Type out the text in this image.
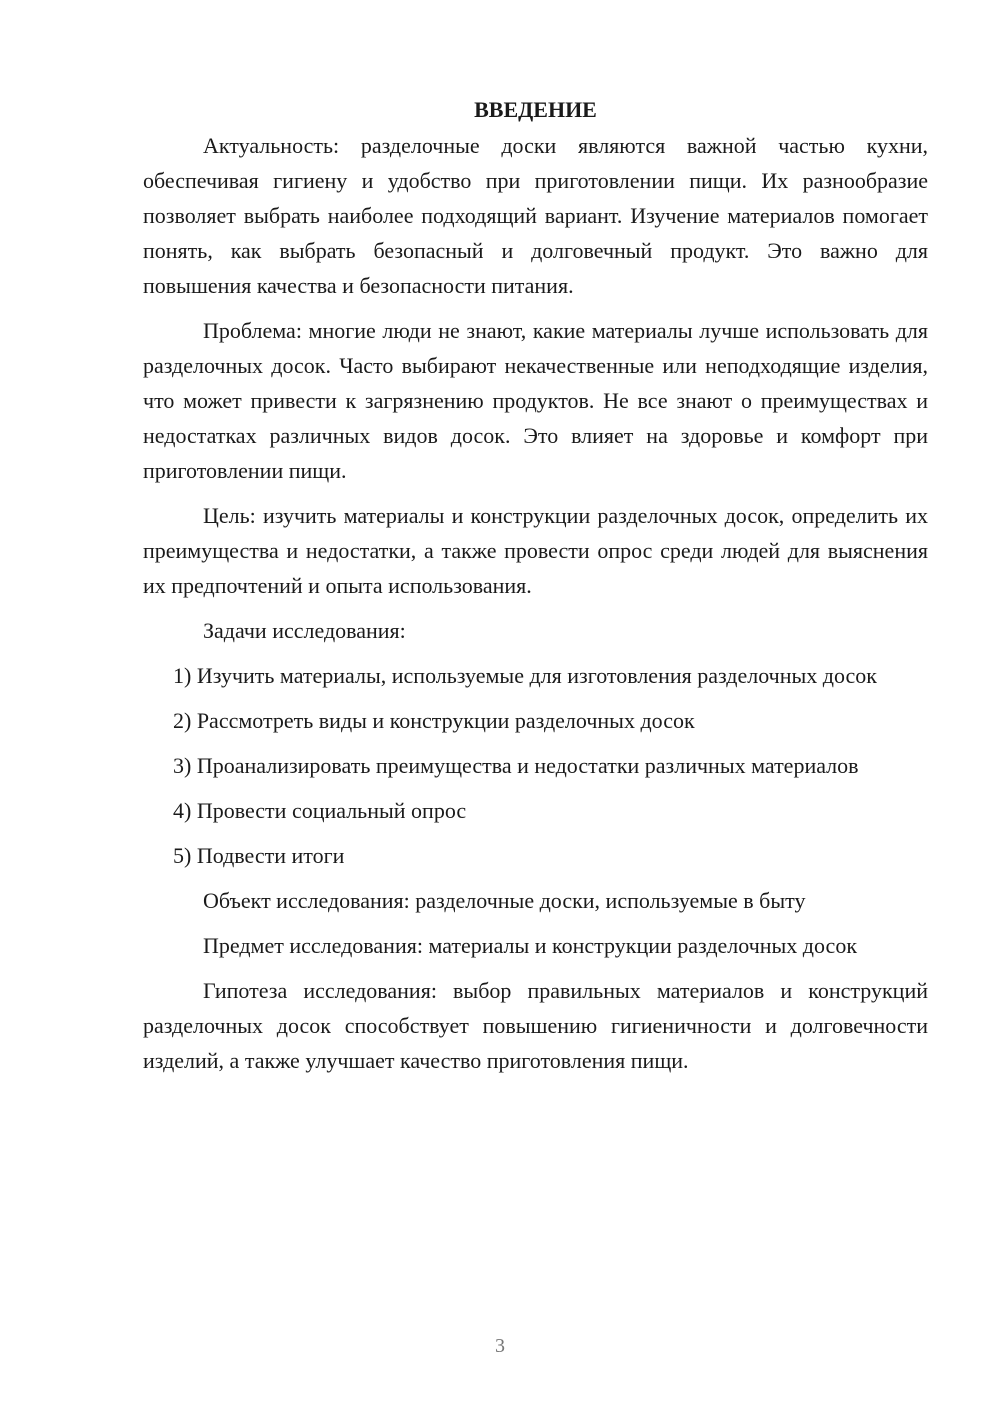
ВВЕДЕНИЕ

Актуальность: разделочные доски являются важной частью кухни, обеспечивая гигиену и удобство при приготовлении пищи. Их разнообразие позволяет выбрать наиболее подходящий вариант. Изучение материалов помогает понять, как выбрать безопасный и долговечный продукт. Это важно для повышения качества и безопасности питания.

Проблема: многие люди не знают, какие материалы лучше использовать для разделочных досок. Часто выбирают некачественные или неподходящие изделия, что может привести к загрязнению продуктов. Не все знают о преимуществах и недостатках различных видов досок. Это влияет на здоровье и комфорт при приготовлении пищи.

Цель: изучить материалы и конструкции разделочных досок, определить их преимущества и недостатки, а также провести опрос среди людей для выяснения их предпочтений и опыта использования.

Задачи исследования:

1) Изучить материалы, используемые для изготовления разделочных досок

2) Рассмотреть виды и конструкции разделочных досок

3) Проанализировать преимущества и недостатки различных материалов

4) Провести социальный опрос

5) Подвести итоги

Объект исследования: разделочные доски, используемые в быту

Предмет исследования: материалы и конструкции разделочных досок

Гипотеза исследования: выбор правильных материалов и конструкций разделочных досок способствует повышению гигиеничности и долговечности изделий, а также улучшает качество приготовления пищи.

3
